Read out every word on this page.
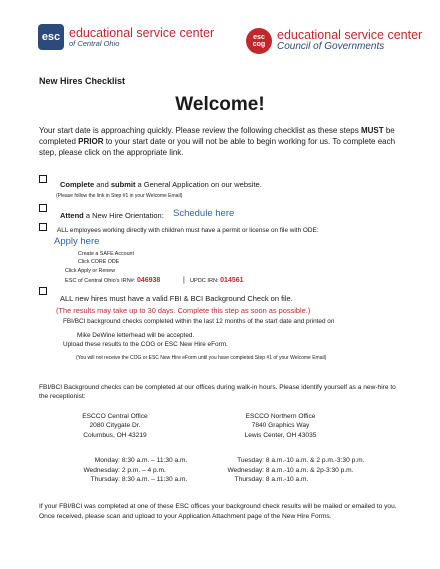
esc educational service center
of Central Ohio
esc cog
educational service center
Council of Governments
New Hires Checklist
Welcome!
Your start date is approaching quickly. Please review the following checklist as these steps MUST be completed PRIOR to your start date or you will not be able to begin working for us. To complete each step, please click on the appropriate link.
Complete and submit a General Application on our website.
(Please follow the link in Step #1 in your Welcome Email)
Attend a New Hire Orientation: Schedule here
ALL employees working directly with children must have a permit or license on file with ODE:
Apply here
Create a SAFE Account
Click CORE ODE
Click Apply or Renew
ESC of Central Ohio's IRN#: 046938	| UPDC IRN: 014561
ALL new hires must have a valid FBI & BCI Background Check on file.
(The results may take up to 30 days. Complete this step as soon as possible.)
FBI/BCI background checks completed within the last 12 months of the start date and printed on
Mike DeWine letterhead will be accepted.
Upload these results to the COG or ESC New Hire eForm.
(You will not receive the COG or ESC New Hire eForm until you have completed Step #1 of your Welcome Email)
FBI/BCI Background checks can be completed at our offices during walk-in hours. Please identify yourself as a new-hire to the receptionist:
ESCCO Central Office
2080 Citygate Dr.
Columbus, OH 43219
ESCCO Northern Office
7840 Graphics Way
Lewis Center, OH 43035
Monday: 8:30 a.m. – 11:30 a.m.
Wednesday: 2 p.m. – 4 p.m.
Thursday: 8:30 a.m. – 11:30 a.m.
Tuesday: 8 a.m.-10 a.m. & 2 p.m.-3:30 p.m.
Wednesday: 8 a.m.-10 a.m. & 2p-3:30 p.m.
Thursday: 8 a.m.-10 a.m.
If your FBI/BCI was completed at one of these ESC offices your background check results will be mailed or emailed to you. Once received, please scan and upload to your Application Attachment page of the New Hire Forms.
